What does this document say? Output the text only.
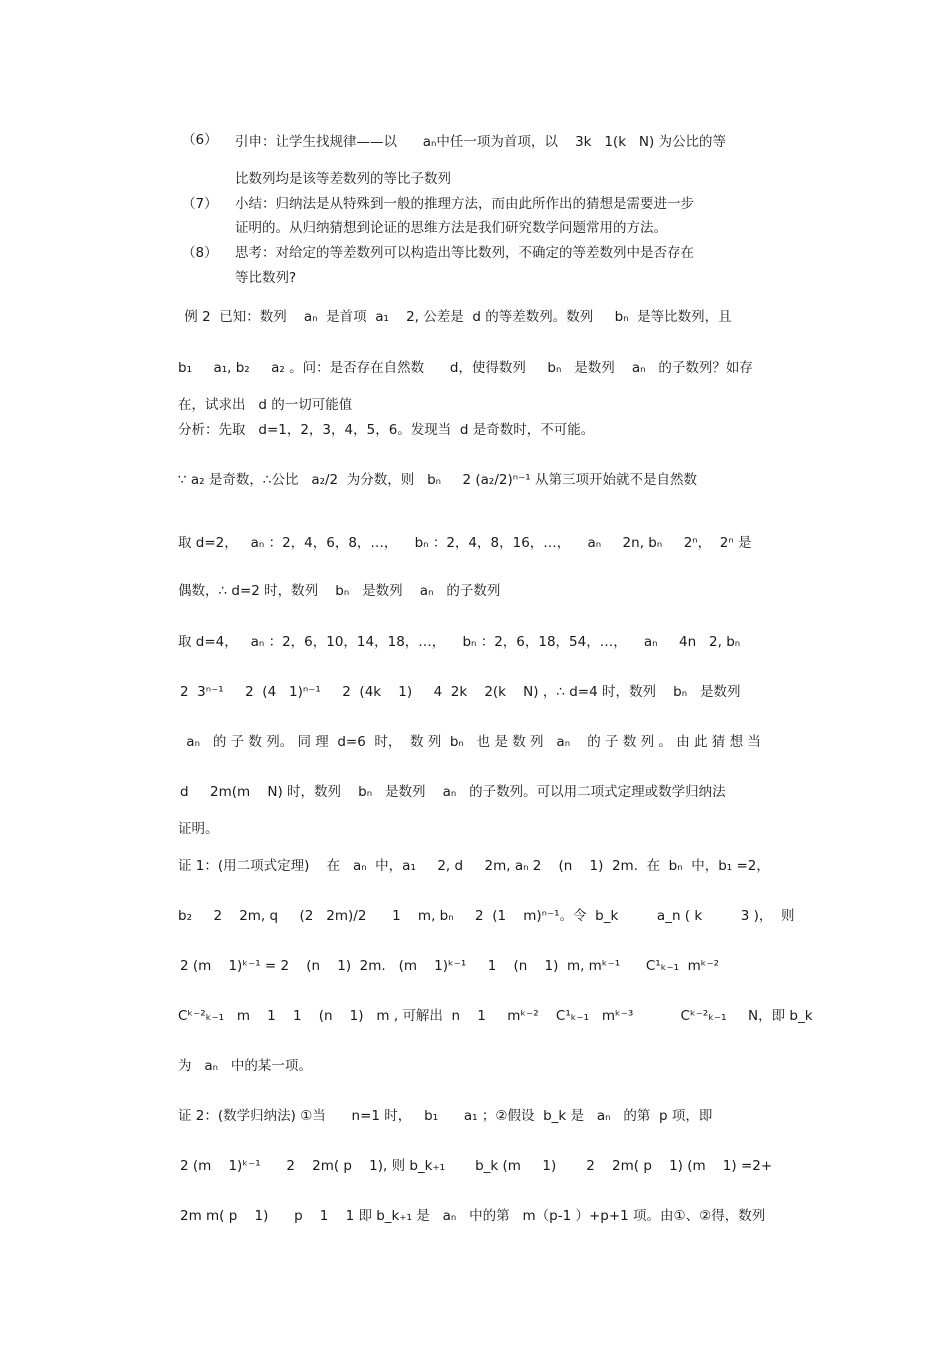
（6） 引申：让学生找规律——以      aₙ中任一项为首项，以    3k   1(k   N) 为公比的等
比数列均是该等差数列的等比子数列
（7） 小结：归纳法是从特殊到一般的推理方法，而由此所作出的猜想是需要进一步
证明的。从归纳猜想到论证的思维方法是我们研究数学问题常用的方法。
（8） 思考：对给定的等差数列可以构造出等比数列，不确定的等差数列中是否存在
等比数列?
例 2  已知：数列    aₙ  是首项  a₁    2, 公差是  d 的等差数列。数列     bₙ  是等比数列，且
b₁     a₁, b₂     a₂ 。问：是否存在自然数      d，使得数列     bₙ   是数列    aₙ   的子数列？如存
在，试求出   d 的一切可能值
分析：先取   d=1，2，3，4，5，6。发现当  d 是奇数时，不可能。
∵ a₂ 是奇数，∴公比   a₂/2  为分数，则   bₙ     2 (a₂/2)ⁿ⁻¹ 从第三项开始就不是自然数
取 d=2，   aₙ ：2，4，6，8，…，    bₙ ：2，4，8，16，…，    aₙ     2n, bₙ     2ⁿ，  2ⁿ 是
偶数，∴ d=2 时，数列    bₙ   是数列    aₙ   的子数列
取 d=4，   aₙ ：2，6，10，14，18，…，    bₙ ：2，6，18，54，…，    aₙ     4n   2, bₙ
2  3ⁿ⁻¹     2  (4   1)ⁿ⁻¹     2  (4k    1)     4  2k    2(k    N) ，∴ d=4 时，数列    bₙ   是数列
aₙ   的 子 数 列。 同 理  d=6  时，  数 列  bₙ   也 是 数 列   aₙ    的 子 数 列 。 由 此 猜 想 当
d     2m(m    N) 时，数列    bₙ   是数列    aₙ   的子数列。可以用二项式定理或数学归纳法
证明。
证 1：(用二项式定理)    在   aₙ  中，a₁     2, d     2m, aₙ 2    (n    1)  2m.  在  bₙ  中，b₁ =2，
b₂     2    2m, q     (2   2m)/2      1    m, bₙ     2  (1    m)ⁿ⁻¹。令  b_k         a_n ( k         3 )，  则
2 (m    1)ᵏ⁻¹ = 2    (n    1)  2m.   (m    1)ᵏ⁻¹     1    (n    1)  m, mᵏ⁻¹      C¹ₖ₋₁  mᵏ⁻²
Cᵏ⁻²ₖ₋₁   m    1    1    (n    1)   m , 可解出  n    1     mᵏ⁻²    C¹ₖ₋₁   mᵏ⁻³           Cᵏ⁻²ₖ₋₁     N，即 b_k
为   aₙ   中的某一项。
证 2：(数学归纳法) ①当      n=1 时，   b₁      a₁ ；②假设  b_k 是   aₙ   的第  p 项，即
2 (m    1)ᵏ⁻¹      2    2m( p    1), 则 b_k₊₁       b_k (m     1)       2    2m( p    1) (m    1) =2+
2m m( p    1)      p    1    1 即 b_k₊₁ 是   aₙ   中的第   m（p-1 ）+p+1 项。由①、②得，数列
